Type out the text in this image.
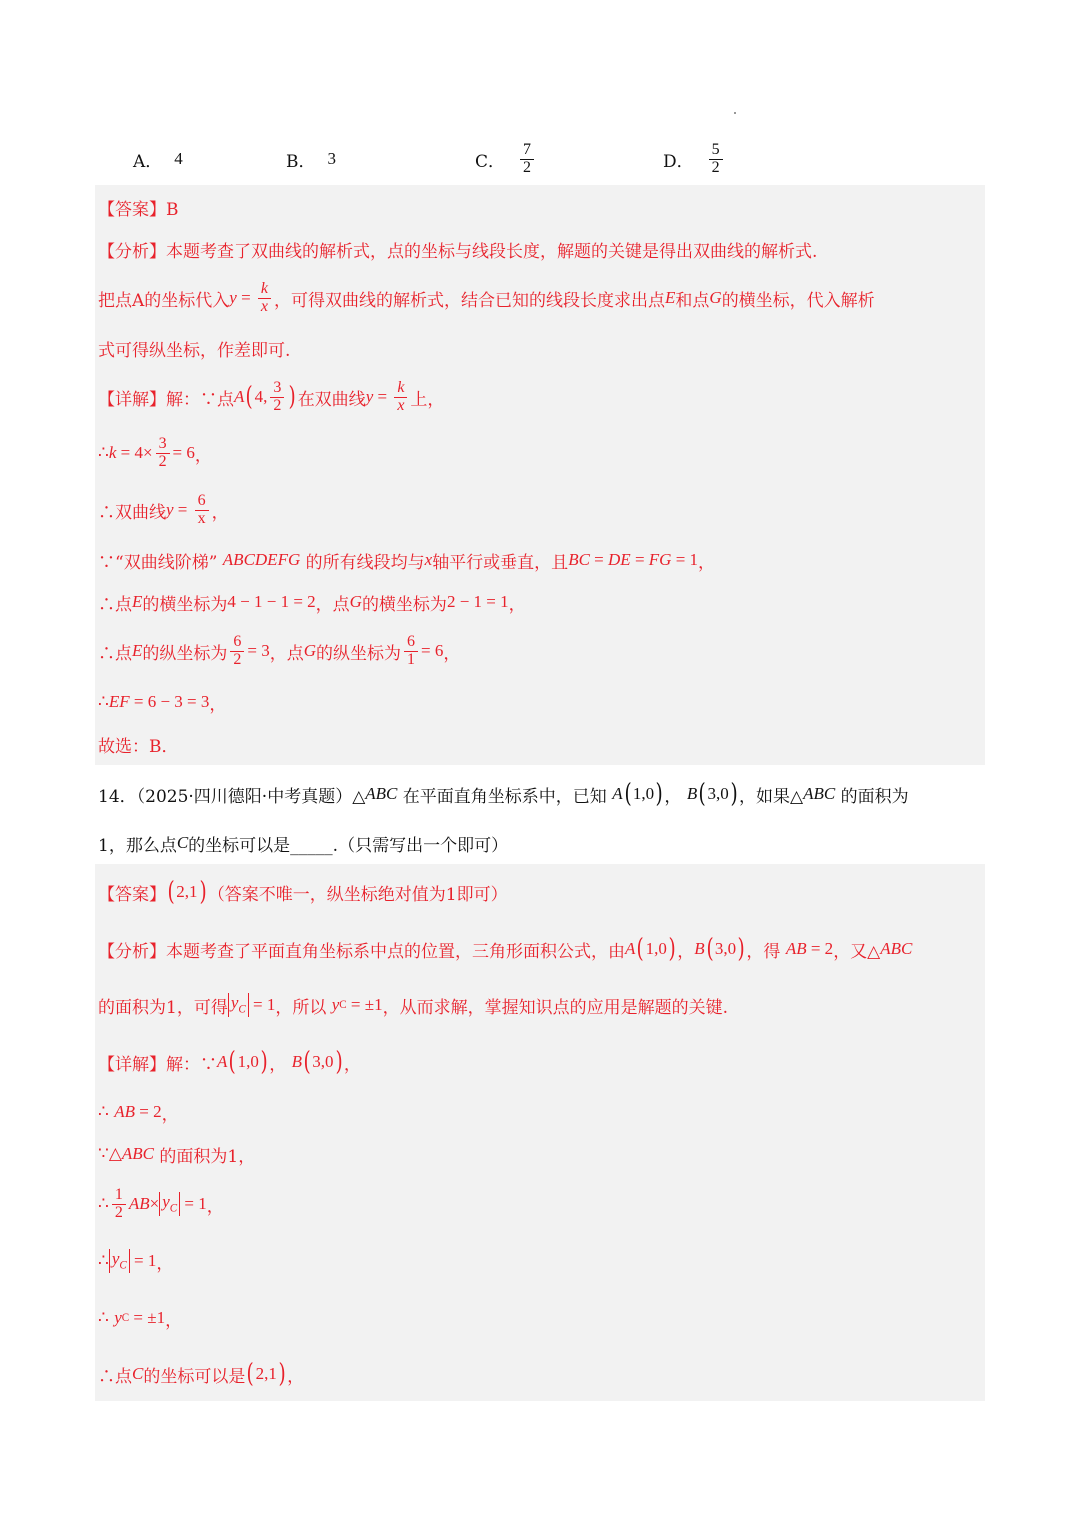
A． 4	B． 3	C． $\frac{7}{2}$	D． $\frac{5}{2}$
【答案】B
【分析】本题考查了双曲线的解析式，点的坐标与线段长度，解题的关键是得出双曲线的解析式.
把点A的坐标代入 $y = \frac{k}{x}$ ，可得双曲线的解析式，结合已知的线段长度求出点 E 和点 G 的横坐标，代入解析
式可得纵坐标，作差即可.
【详解】 解：∵点 A ( 4, $\frac{3}{2}$ ) 在双曲线 $y = \frac{k}{x}$ 上，
∴ $k = 4\times \frac{3}{2} = 6$ ，
∴双曲线 $y = \frac{6}{x}$ ，
∵“双曲线阶梯” ABCDEFG 的所有线段均与 x 轴平行或垂直，且 BC = DE = FG = 1 ，
∴点 E 的横坐标为 4 − 1 − 1 = 2 ，点 G 的横坐标为 2 − 1 = 1 ，
∴点 E 的纵坐标为 $\frac{6}{2} = 3$ ，点 G 的纵坐标为 $\frac{6}{1} = 6$ ，
∴ EF = 6 − 3 = 3 ，
故选：B．
14．（2025·四川德阳·中考真题）△ ABC 在平面直角坐标系中，已知 A ( 1,0 ) ， B ( 3,0 ) ，如果△ ABC 的面积为
1，那么点 C 的坐标可以是_____.（只需写出一个即可）
【答案】 ( 2,1 ) （答案不唯一，纵坐标绝对值为1即可）
【分析】本题考查了平面直角坐标系中点的位置，三角形面积公式，由 A ( 1,0 ) ， B ( 3,0 ) ，得 AB = 2 ，又△ ABC
的面积为1，可得 $y_C = 1$ ，所以 y C = ±1 ，从而求解，掌握知识点的应用是解题的关键.
【详解】 解：∵ A ( 1,0 ) ， B ( 3,0 ) ，
∴ AB = 2 ，
∵△ ABC 的面积为1，
∴ $\frac{1}{2}$ AB × $y_C = 1$ ，
∴ $y_C = 1$ ，
∴ y C = ±1 ，
∴点 C 的坐标可以是 ( 2,1 ) ，
